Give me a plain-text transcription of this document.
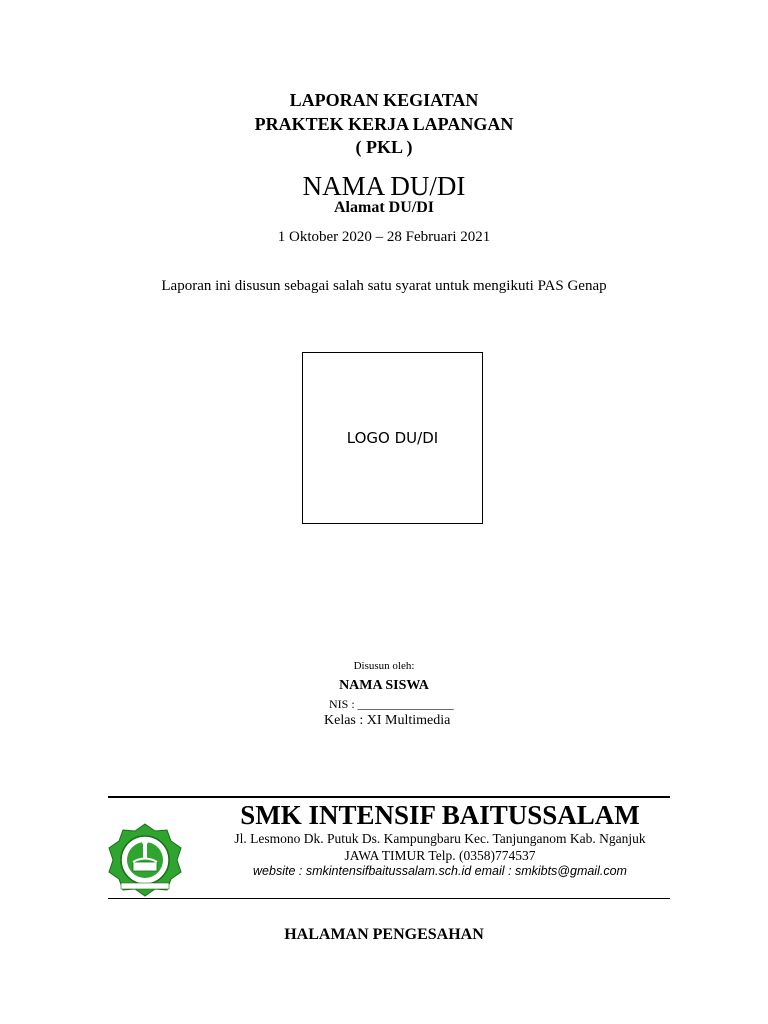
LAPORAN KEGIATAN
PRAKTEK KERJA LAPANGAN
( PKL )
NAMA DU/DI
Alamat DU/DI
1 Oktober 2020 – 28 Februari 2021
Laporan ini disusun sebagai salah satu syarat untuk mengikuti PAS Genap
LOGO DU/DI
Disusun oleh:
NAMA SISWA
NIS : ________________
Kelas : XI Multimedia
SMK INTENSIF BAITUSSALAM
Jl. Lesmono Dk. Putuk Ds. Kampungbaru Kec. Tanjunganom Kab. Nganjuk
JAWA TIMUR Telp. (0358)774537
website : smkintensifbaitussalam.sch.id email : smkibts@gmail.com
HALAMAN PENGESAHAN
